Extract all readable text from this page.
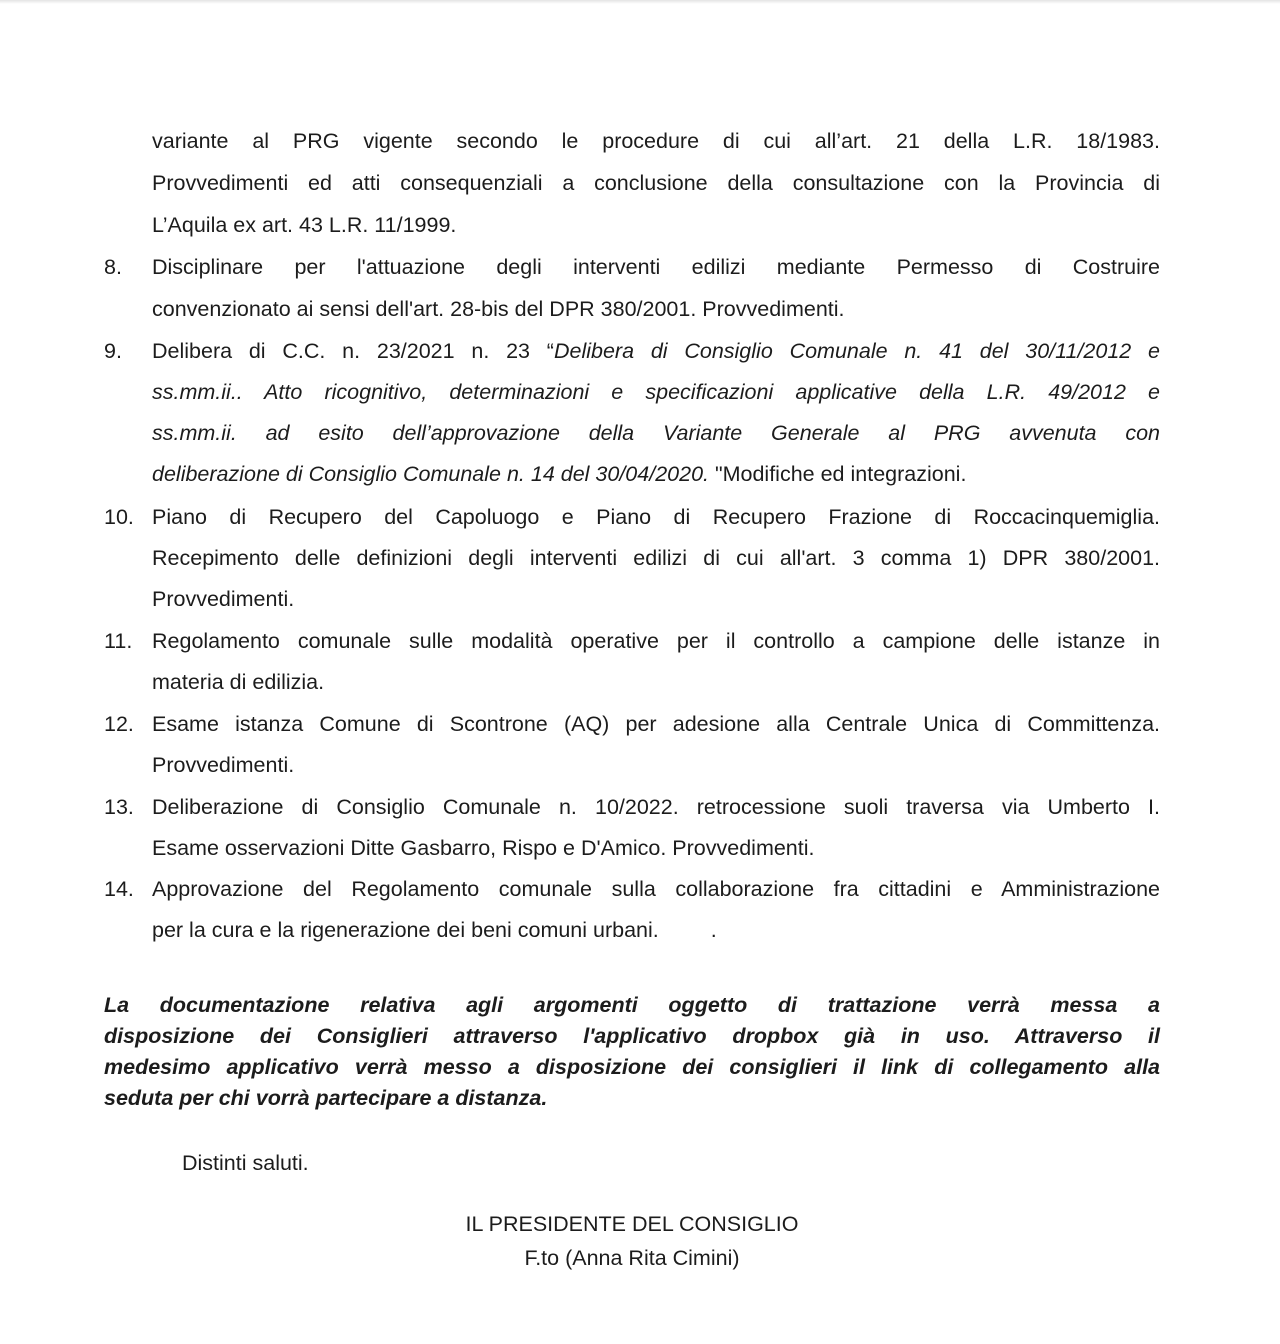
variante al PRG vigente secondo le procedure di cui all’art. 21 della L.R. 18/1983.
Provvedimenti ed atti consequenziali a conclusione della consultazione con la Provincia di
L’Aquila ex art. 43 L.R. 11/1999.
8. Disciplinare per l'attuazione degli interventi edilizi mediante Permesso di Costruire
convenzionato ai sensi dell'art. 28-bis del DPR 380/2001. Provvedimenti.
9. Delibera di C.C. n. 23/2021 n. 23 “Delibera di Consiglio Comunale n. 41 del 30/11/2012 e
ss.mm.ii.. Atto ricognitivo, determinazioni e specificazioni applicative della L.R. 49/2012 e
ss.mm.ii. ad esito dell’approvazione della Variante Generale al PRG avvenuta con
deliberazione di Consiglio Comunale n. 14 del 30/04/2020. "Modifiche ed integrazioni.
10. Piano di Recupero del Capoluogo e Piano di Recupero Frazione di Roccacinquemiglia.
Recepimento delle definizioni degli interventi edilizi di cui all'art. 3 comma 1) DPR 380/2001.
Provvedimenti.
11. Regolamento comunale sulle modalità operative per il controllo a campione delle istanze in
materia di edilizia.
12. Esame istanza Comune di Scontrone (AQ) per adesione alla Centrale Unica di Committenza.
Provvedimenti.
13. Deliberazione di Consiglio Comunale n. 10/2022. retrocessione suoli traversa via Umberto I.
Esame osservazioni Ditte Gasbarro, Rispo e D'Amico. Provvedimenti.
14. Approvazione del Regolamento comunale sulla collaborazione fra cittadini e Amministrazione
per la cura e la rigenerazione dei beni comuni urbani. .
La documentazione relativa agli argomenti oggetto di trattazione verrà messa a
disposizione dei Consiglieri attraverso l'applicativo dropbox già in uso. Attraverso il
medesimo applicativo verrà messo a disposizione dei consiglieri il link di collegamento alla
seduta per chi vorrà partecipare a distanza.
Distinti saluti.
IL PRESIDENTE DEL CONSIGLIO
F.to (Anna Rita Cimini)
